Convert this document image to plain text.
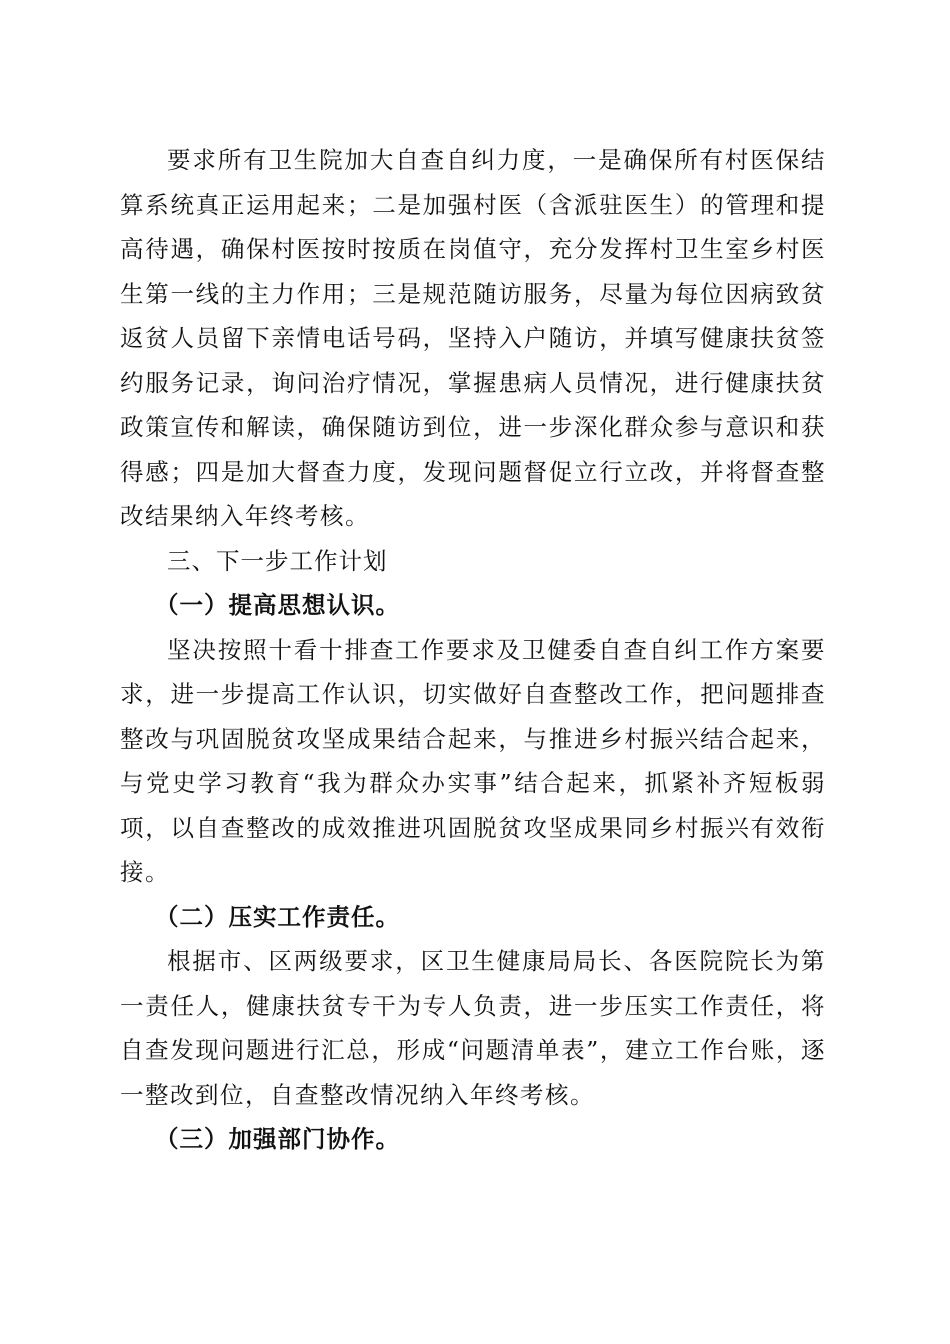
要求所有卫生院加大自查自纠力度，一是确保所有村医保结算系统真正运用起来；二是加强村医（含派驻医生）的管理和提高待遇，确保村医按时按质在岗值守，充分发挥村卫生室乡村医生第一线的主力作用；三是规范随访服务，尽量为每位因病致贫返贫人员留下亲情电话号码，坚持入户随访，并填写健康扶贫签约服务记录，询问治疗情况，掌握患病人员情况，进行健康扶贫政策宣传和解读，确保随访到位，进一步深化群众参与意识和获得感；四是加大督查力度，发现问题督促立行立改，并将督查整改结果纳入年终考核。

三、下一步工作计划

（一）提高思想认识。

坚决按照十看十排查工作要求及卫健委自查自纠工作方案要求，进一步提高工作认识，切实做好自查整改工作，把问题排查整改与巩固脱贫攻坚成果结合起来，与推进乡村振兴结合起来，与党史学习教育“我为群众办实事”结合起来，抓紧补齐短板弱项，以自查整改的成效推进巩固脱贫攻坚成果同乡村振兴有效衔接。

（二）压实工作责任。

根据市、区两级要求，区卫生健康局局长、各医院院长为第一责任人，健康扶贫专干为专人负责，进一步压实工作责任，将自查发现问题进行汇总，形成“问题清单表”，建立工作台账，逐一整改到位，自查整改情况纳入年终考核。

（三）加强部门协作。
